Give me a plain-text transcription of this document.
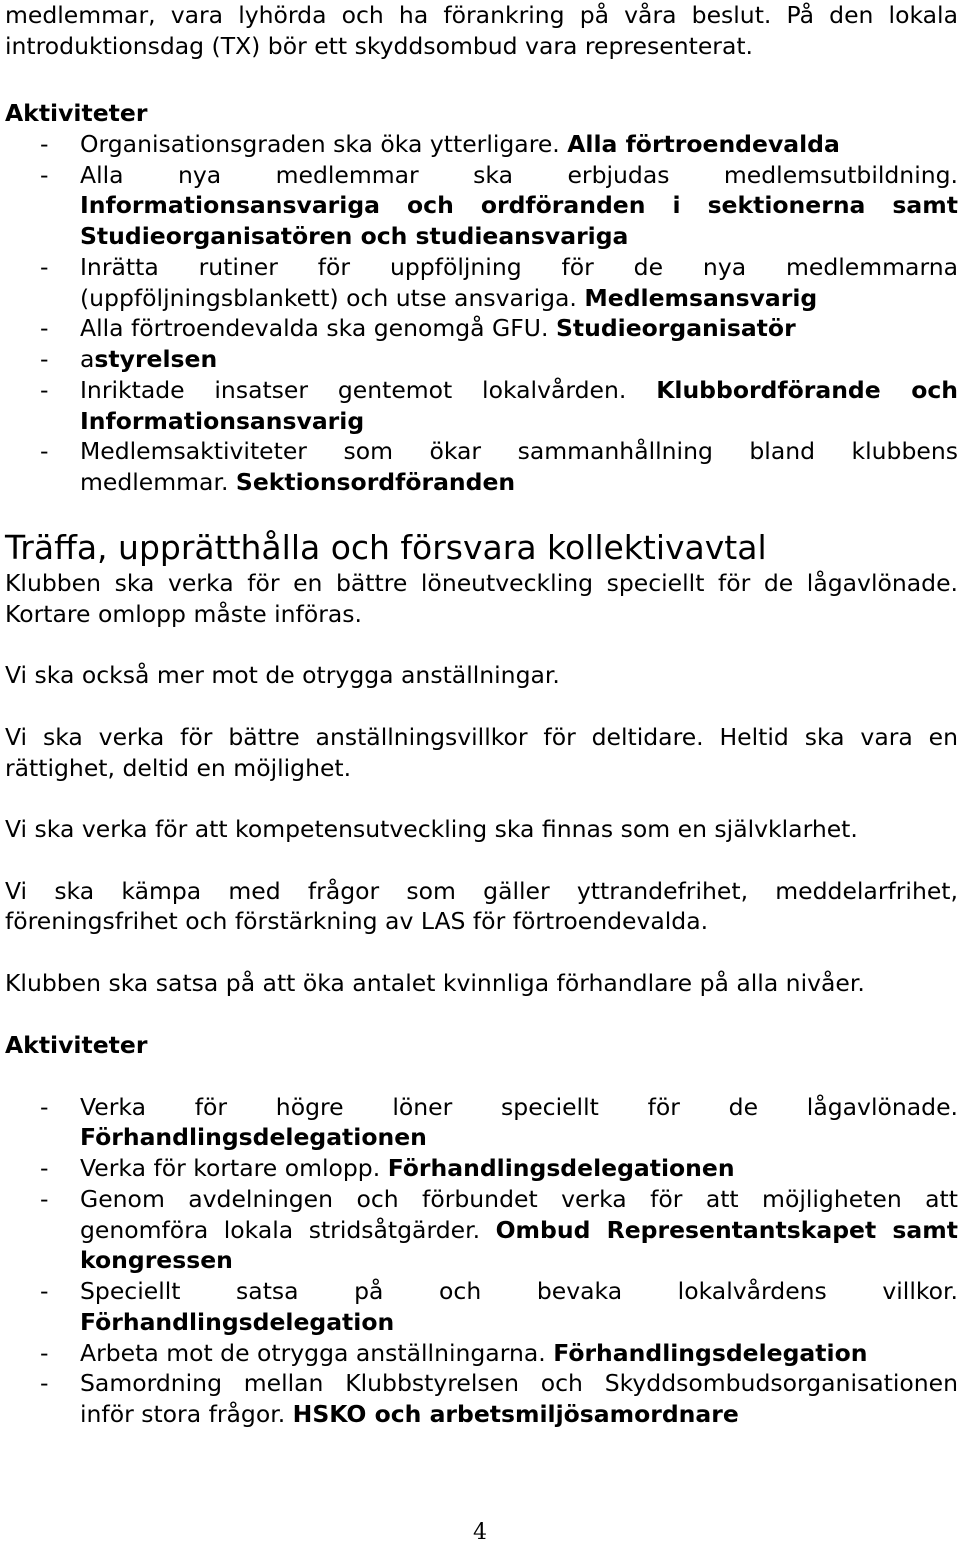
medlemmar, vara lyhörda och ha förankring på våra beslut. På den lokala

introduktionsdag (TX) bör ett skyddsombud vara representerat.

Aktiviteter

-	Organisationsgraden ska öka ytterligare. Alla förtroendevalda
-	Alla nya medlemmar ska erbjudas medlemsutbildning. Informationsansvariga och ordföranden i sektionerna samt Studieorganisatören och studieansvariga
-	Inrätta rutiner för uppföljning för de nya medlemmarna (uppföljningsblankett) och utse ansvariga. Medlemsansvarig
-	Alla förtroendevalda ska genomgå GFU. Studieorganisatör
-	astyrelsen
-	Inriktade insatser gentemot lokalvården. Klubbordförande och Informationsansvarig
-	Medlemsaktiviteter som ökar sammanhållning bland klubbens medlemmar. Sektionsordföranden
Träffa, upprätthålla och försvara kollektivavtal

Klubben ska verka för en bättre löneutveckling speciellt för de lågavlönade. Kortare omlopp måste införas.

Vi ska också mer mot de otrygga anställningar.

Vi ska verka för bättre anställningsvillkor för deltidare. Heltid ska vara en rättighet, deltid en möjlighet.

Vi ska verka för att kompetensutveckling ska finnas som en självklarhet.

Vi ska kämpa med frågor som gäller yttrandefrihet, meddelarfrihet, föreningsfrihet och förstärkning av LAS för förtroendevalda.

Klubben ska satsa på att öka antalet kvinnliga förhandlare på alla nivåer.

Aktiviteter

-	Verka för högre löner speciellt för de lågavlönade. Förhandlingsdelegationen
-	Verka för kortare omlopp. Förhandlingsdelegationen
-	Genom avdelningen och förbundet verka för att möjligheten att genomföra lokala stridsåtgärder. Ombud Representantskapet samt kongressen
-	Speciellt satsa på och bevaka lokalvårdens villkor. Förhandlingsdelegation
-	Arbeta mot de otrygga anställningarna. Förhandlingsdelegation
-	Samordning mellan Klubbstyrelsen och Skyddsombudsorganisationen inför stora frågor. HSKO och arbetsmiljösamordnare
4
